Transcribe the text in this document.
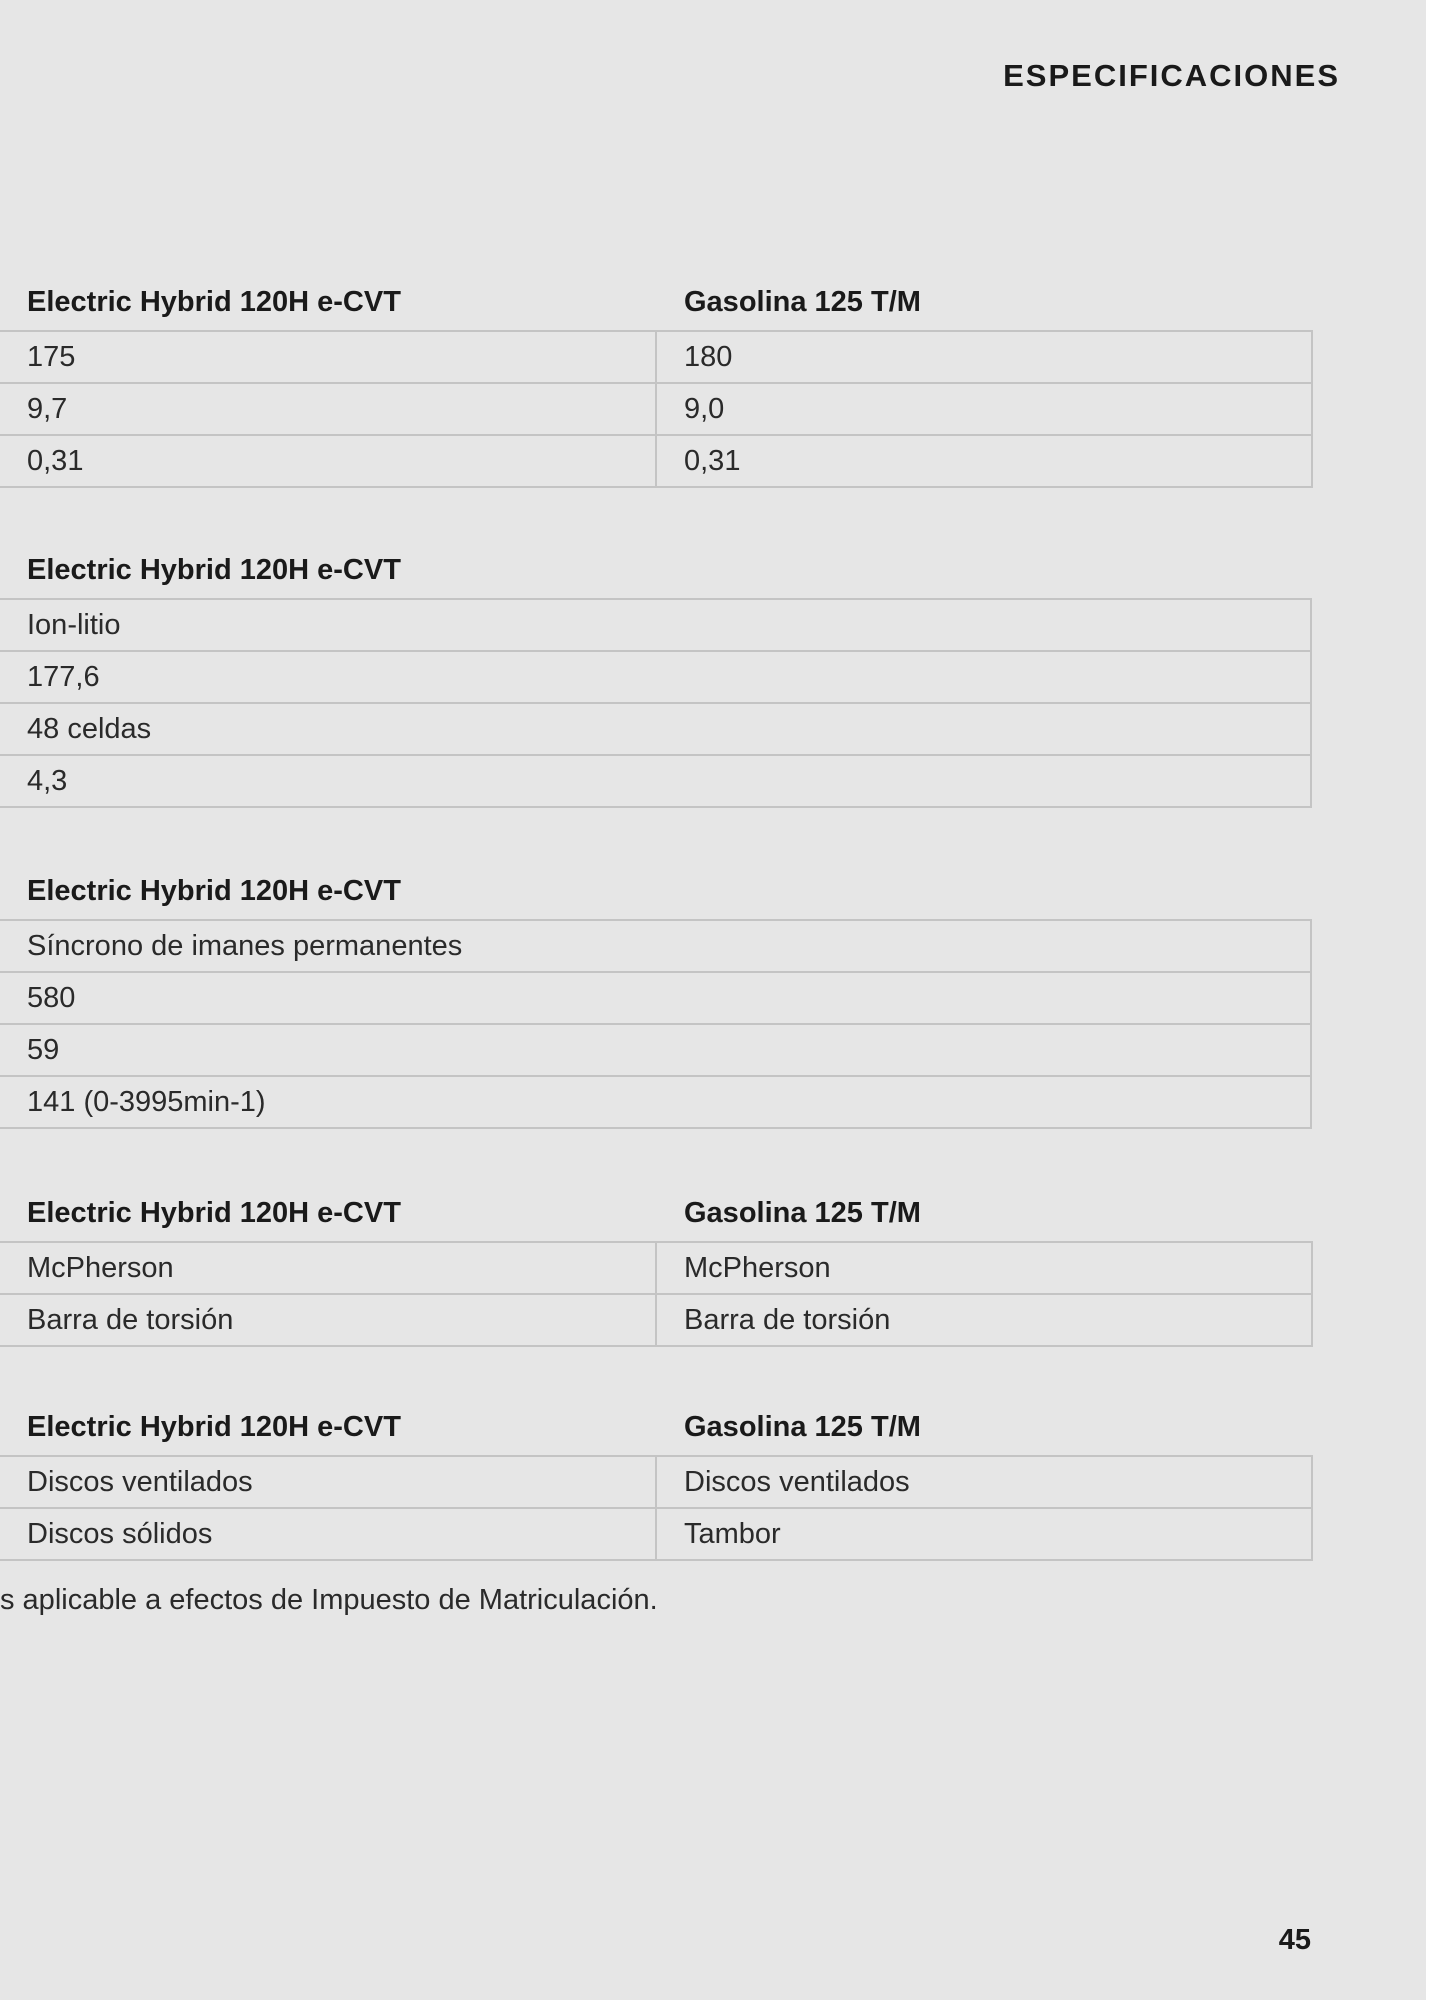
ESPECIFICACIONES
Electric Hybrid 120H e-CVT	Gasolina 125 T/M
175	180
9,7	9,0
0,31	0,31
Electric Hybrid 120H e-CVT
Ion-litio
177,6
48 celdas
4,3
Electric Hybrid 120H e-CVT
Síncrono de imanes permanentes
580
59
141 (0-3995min-1)
Electric Hybrid 120H e-CVT	Gasolina 125 T/M
McPherson	McPherson
Barra de torsión	Barra de torsión
Electric Hybrid 120H e-CVT	Gasolina 125 T/M
Discos ventilados	Discos ventilados
Discos sólidos	Tambor
s aplicable a efectos de Impuesto de Matriculación.
45
